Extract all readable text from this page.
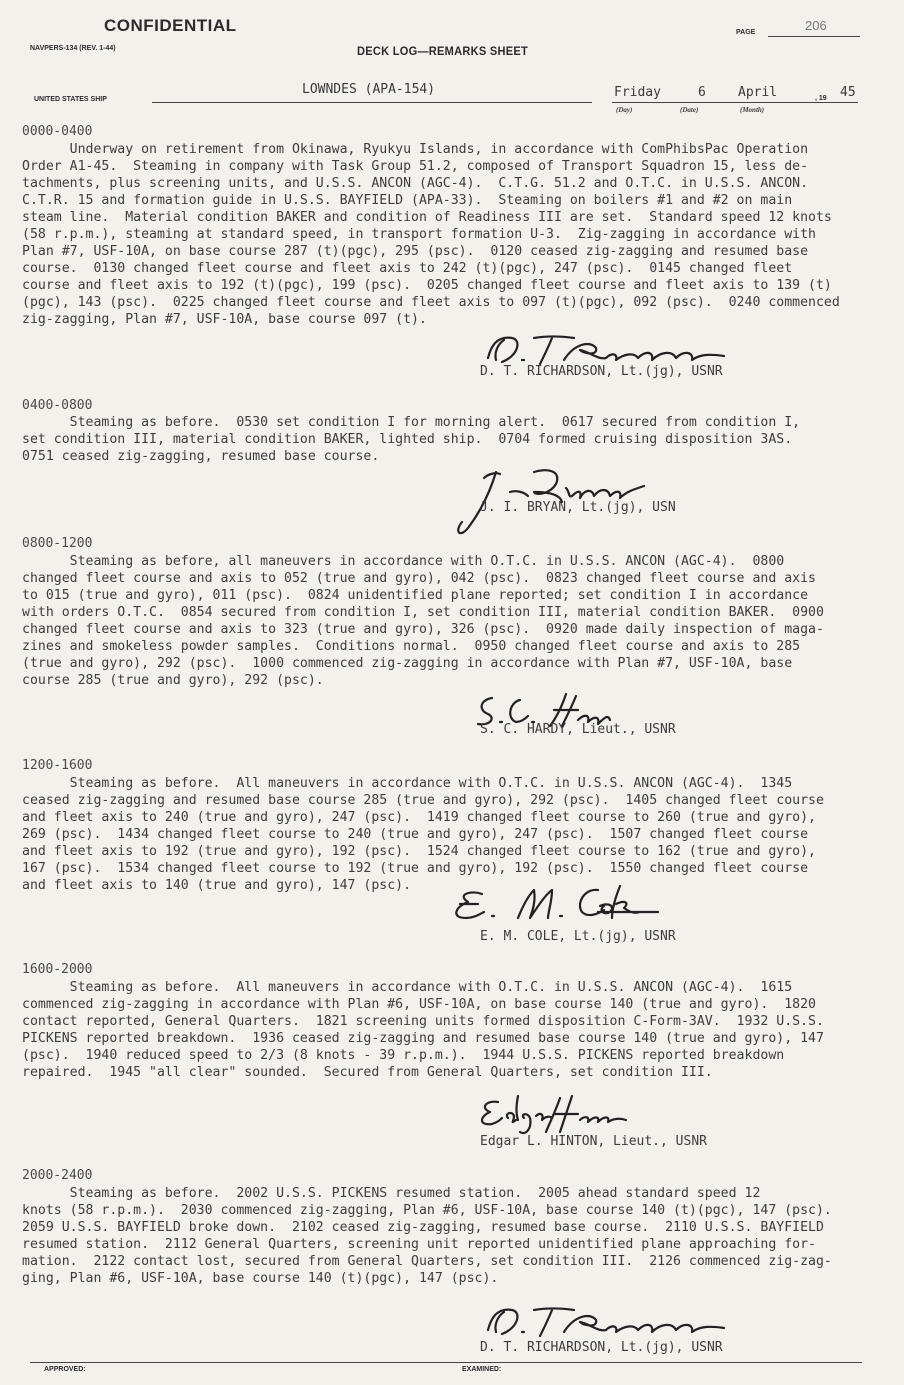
CONFIDENTIAL
NAVPERS-134 (REV. 1-44)	DECK LOG—REMARKS SHEET
PAGE	206
UNITED STATES SHIP
LOWNDES (APA-154)	Friday	6 April	, 19 45
(Day)	(Date)	(Month)
0000-0400
Underway on retirement from Okinawa, Ryukyu Islands, in accordance with ComPhibsPac Operation
Order A1-45.  Steaming in company with Task Group 51.2, composed of Transport Squadron 15, less de-
tachments, plus screening units, and U.S.S. ANCON (AGC-4).  C.T.G. 51.2 and O.T.C. in U.S.S. ANCON.
C.T.R. 15 and formation guide in U.S.S. BAYFIELD (APA-33).  Steaming on boilers #1 and #2 on main
steam line.  Material condition BAKER and condition of Readiness III are set.  Standard speed 12 knots
(58 r.p.m.), steaming at standard speed, in transport formation U-3.  Zig-zagging in accordance with
Plan #7, USF-10A, on base course 287 (t)(pgc), 295 (psc).  0120 ceased zig-zagging and resumed base
course.  0130 changed fleet course and fleet axis to 242 (t)(pgc), 247 (psc).  0145 changed fleet
course and fleet axis to 192 (t)(pgc), 199 (psc).  0205 changed fleet course and fleet axis to 139 (t)
(pgc), 143 (psc).  0225 changed fleet course and fleet axis to 097 (t)(pgc), 092 (psc).  0240 commenced
zig-zagging, Plan #7, USF-10A, base course 097 (t).
D. T. RICHARDSON, Lt.(jg), USNR
0400-0800
Steaming as before.  0530 set condition I for morning alert.  0617 secured from condition I,
set condition III, material condition BAKER, lighted ship.  0704 formed cruising disposition 3AS.
0751 ceased zig-zagging, resumed base course.
J. I. BRYAN, Lt.(jg), USN
0800-1200
Steaming as before, all maneuvers in accordance with O.T.C. in U.S.S. ANCON (AGC-4).  0800
changed fleet course and axis to 052 (true and gyro), 042 (psc).  0823 changed fleet course and axis
to 015 (true and gyro), 011 (psc).  0824 unidentified plane reported; set condition I in accordance
with orders O.T.C.  0854 secured from condition I, set condition III, material condition BAKER.  0900
changed fleet course and axis to 323 (true and gyro), 326 (psc).  0920 made daily inspection of maga-
zines and smokeless powder samples.  Conditions normal.  0950 changed fleet course and axis to 285
(true and gyro), 292 (psc).  1000 commenced zig-zagging in accordance with Plan #7, USF-10A, base
course 285 (true and gyro), 292 (psc).
S. C. HARDY, Lieut., USNR
1200-1600
Steaming as before.  All maneuvers in accordance with O.T.C. in U.S.S. ANCON (AGC-4).  1345
ceased zig-zagging and resumed base course 285 (true and gyro), 292 (psc).  1405 changed fleet course
and fleet axis to 240 (true and gyro), 247 (psc).  1419 changed fleet course to 260 (true and gyro),
269 (psc).  1434 changed fleet course to 240 (true and gyro), 247 (psc).  1507 changed fleet course
and fleet axis to 192 (true and gyro), 192 (psc).  1524 changed fleet course to 162 (true and gyro),
167 (psc).  1534 changed fleet course to 192 (true and gyro), 192 (psc).  1550 changed fleet course
and fleet axis to 140 (true and gyro), 147 (psc).
E. M. COLE, Lt.(jg), USNR
1600-2000
Steaming as before.  All maneuvers in accordance with O.T.C. in U.S.S. ANCON (AGC-4).  1615
commenced zig-zagging in accordance with Plan #6, USF-10A, on base course 140 (true and gyro).  1820
contact reported, General Quarters.  1821 screening units formed disposition C-Form-3AV.  1932 U.S.S.
PICKENS reported breakdown.  1936 ceased zig-zagging and resumed base course 140 (true and gyro), 147
(psc).  1940 reduced speed to 2/3 (8 knots - 39 r.p.m.).  1944 U.S.S. PICKENS reported breakdown
repaired.  1945 "all clear" sounded.  Secured from General Quarters, set condition III.
Edgar L. HINTON, Lieut., USNR
2000-2400
Steaming as before.  2002 U.S.S. PICKENS resumed station.  2005 ahead standard speed 12
knots (58 r.p.m.).  2030 commenced zig-zagging, Plan #6, USF-10A, base course 140 (t)(pgc), 147 (psc).
2059 U.S.S. BAYFIELD broke down.  2102 ceased zig-zagging, resumed base course.  2110 U.S.S. BAYFIELD
resumed station.  2112 General Quarters, screening unit reported unidentified plane approaching for-
mation.  2122 contact lost, secured from General Quarters, set condition III.  2126 commenced zig-zag-
ging, Plan #6, USF-10A, base course 140 (t)(pgc), 147 (psc).
D. T. RICHARDSON, Lt.(jg), USNR
APPROVED:	EXAMINED:
